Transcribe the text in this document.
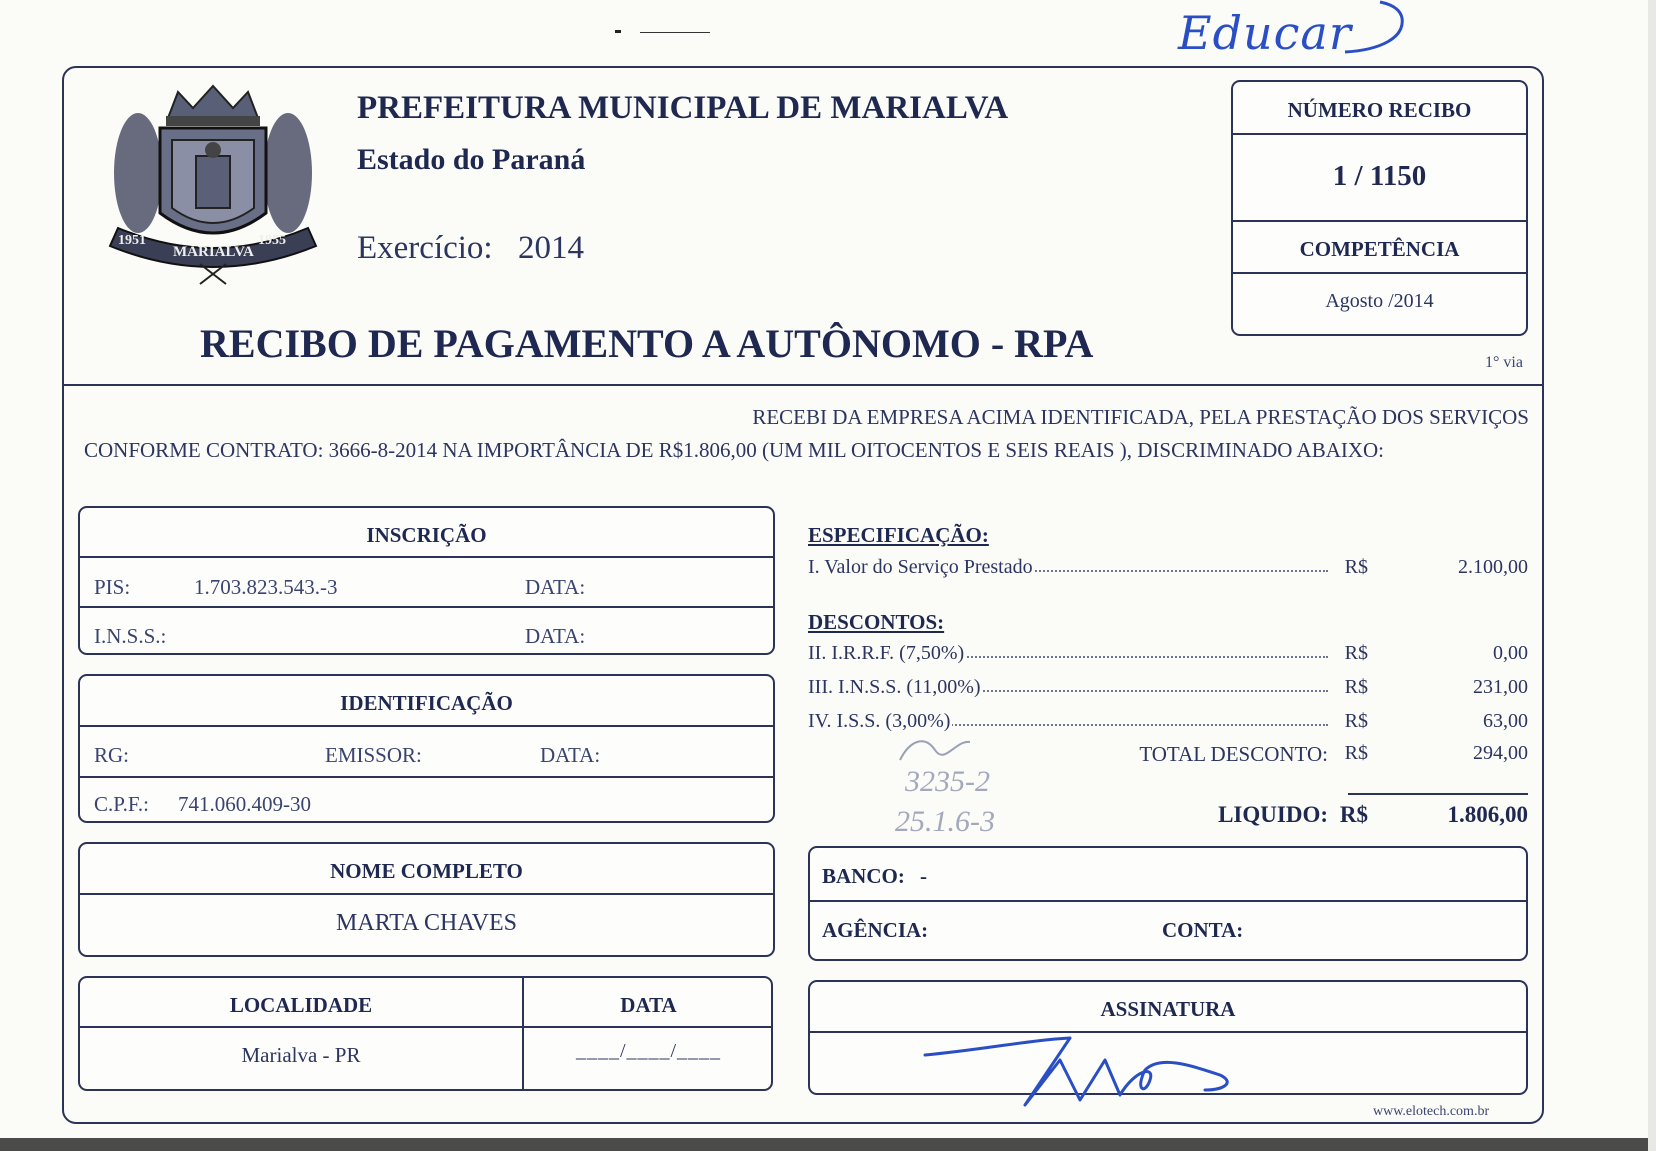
Educar
1951
MARIALVA
1955
PREFEITURA MUNICIPAL DE MARIALVA
Estado do Paraná
Exercício: 2014
RECIBO DE PAGAMENTO A AUTÔNOMO - RPA	1° via
NÚMERO RECIBO
1 / 1150
COMPETÊNCIA
Agosto /2014
RECEBI DA EMPRESA ACIMA IDENTIFICADA, PELA PRESTAÇÃO DOS SERVIÇOS
CONFORME CONTRATO: 3666-8-2014 NA IMPORTÂNCIA DE R$1.806,00 (UM MIL OITOCENTOS E SEIS REAIS ), DISCRIMINADO ABAIXO:
INSCRIÇÃO
PIS:	1.703.823.543.-3	DATA:
I.N.S.S.:	DATA:
IDENTIFICAÇÃO
RG:	EMISSOR:	DATA:
C.P.F.: 741.060.409-30
NOME COMPLETO
MARTA CHAVES
LOCALIDADE	DATA
Marialva - PR	____/____/____
ESPECIFICAÇÃO:
I. Valor do Serviço Prestado	R$	2.100,00
DESCONTOS:
II. I.R.R.F. (7,50%)	R$	0,00
III. I.N.S.S. (11,00%)	R$	231,00
IV. I.S.S. (3,00%)	R$	63,00
TOTAL DESCONTO: R$	294,00
LIQUIDO: R$	1.806,00
3235-2
25.1.6-3
BANCO: -
AGÊNCIA:	CONTA:
ASSINATURA
www.elotech.com.br
